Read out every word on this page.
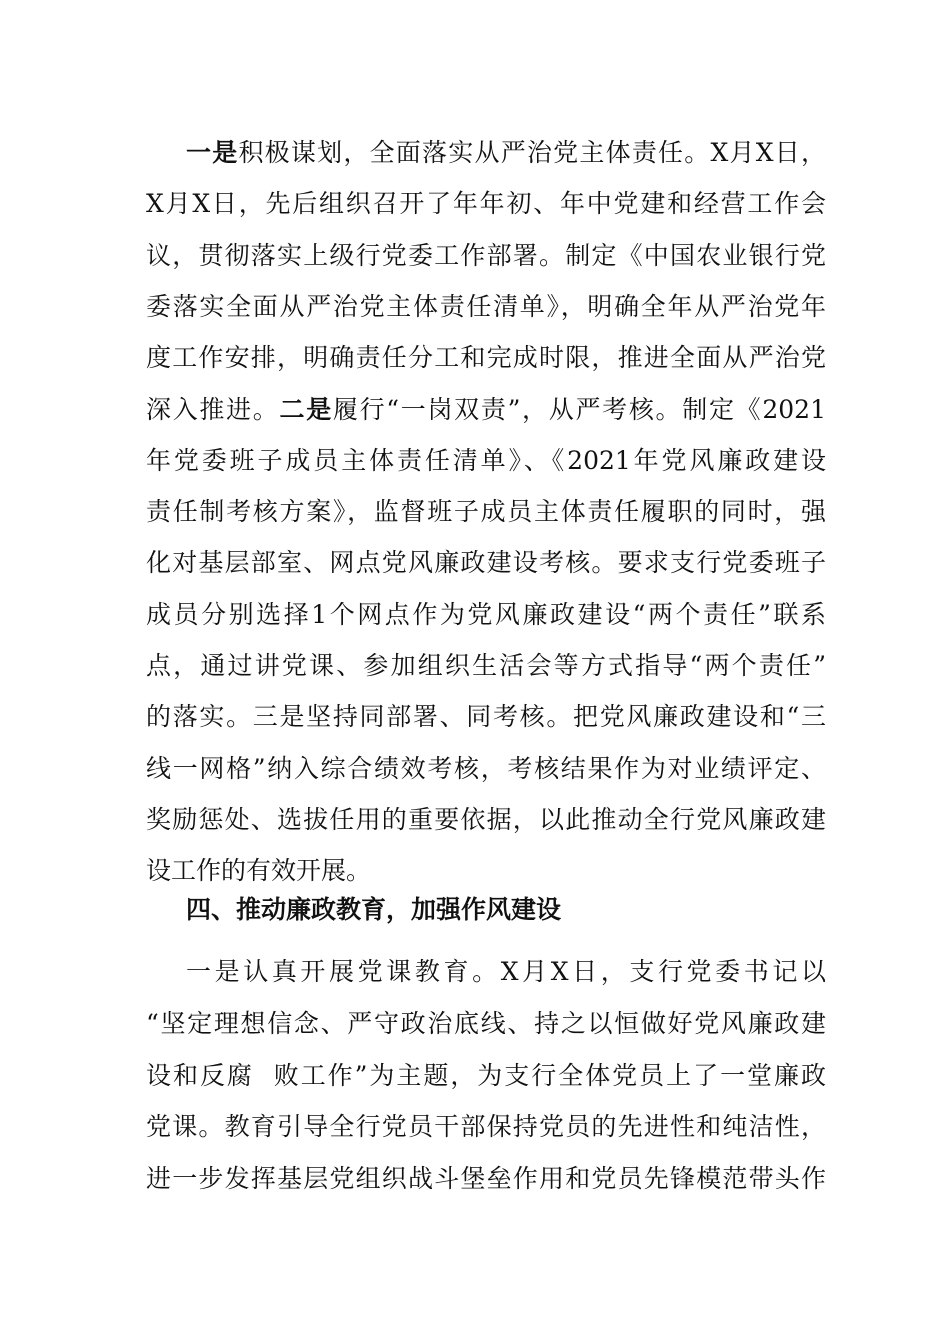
一是积极谋划，全面落实从严治党主体责任。X月X日，
X月X日，先后组织召开了年年初、年中党建和经营工作会
议，贯彻落实上级行党委工作部署。制定《中国农业银行党
委落实全面从严治党主体责任清单》，明确全年从严治党年
度工作安排，明确责任分工和完成时限，推进全面从严治党
深入推进。二是履行“一岗双责”，从严考核。制定《2021
年党委班子成员主体责任清单》、《2021年党风廉政建设
责任制考核方案》，监督班子成员主体责任履职的同时，强
化对基层部室、网点党风廉政建设考核。要求支行党委班子
成员分别选择1个网点作为党风廉政建设“两个责任”联系
点，通过讲党课、参加组织生活会等方式指导“两个责任”
的落实。三是坚持同部署、同考核。把党风廉政建设和“三
线一网格”纳入综合绩效考核，考核结果作为对业绩评定、
奖励惩处、选拔任用的重要依据，以此推动全行党风廉政建
设工作的有效开展。
四、推动廉政教育，加强作风建设
一是认真开展党课教育。X月X日，支行党委书记以
“坚定理想信念、严守政治底线、持之以恒做好党风廉政建
设和反腐  败工作”为主题，为支行全体党员上了一堂廉政
党课。教育引导全行党员干部保持党员的先进性和纯洁性，
进一步发挥基层党组织战斗堡垒作用和党员先锋模范带头作
